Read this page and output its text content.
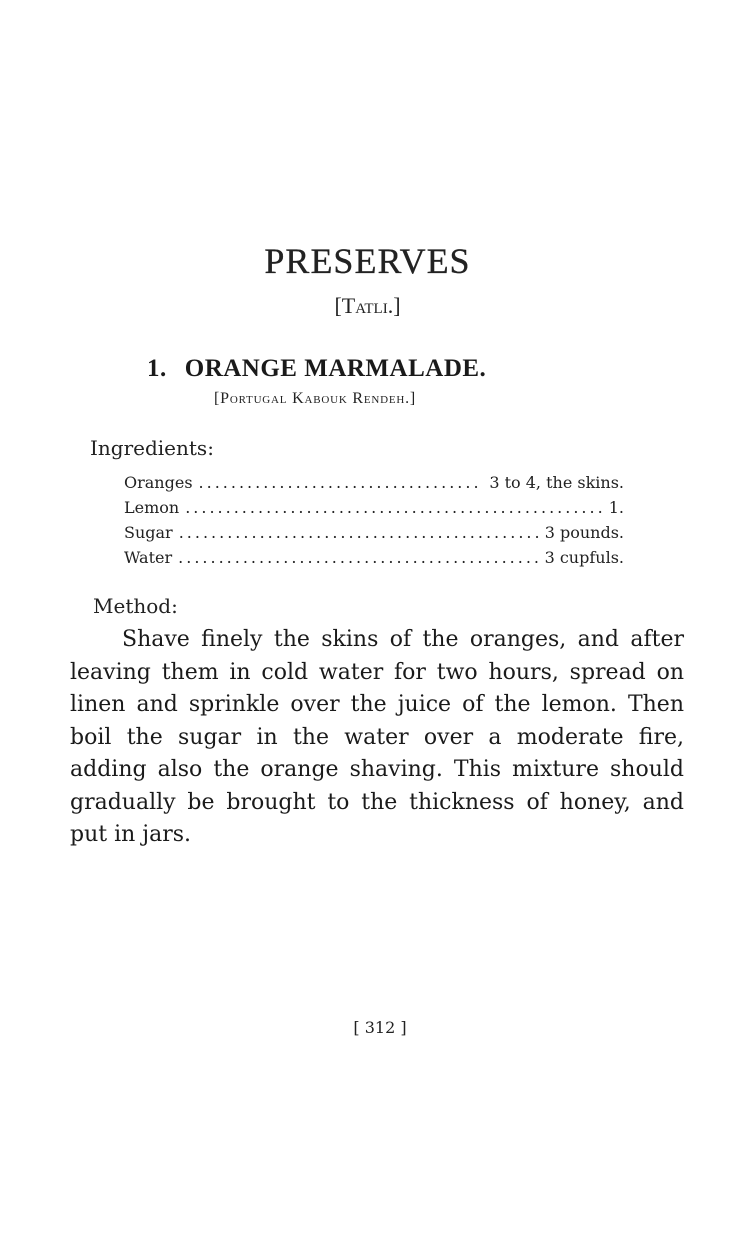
PRESERVES
[Tatli.]
1. ORANGE MARMALADE.
[Portugal Kabouk Rendeh.]
Ingredients:
Oranges .....	3 to 4, the skins.
Lemon .....	1.
Sugar .....	3 pounds.
Water .....	3 cupfuls.
Method:

Shave finely the skins of the oranges, and after leaving them in cold water for two hours, spread on linen and sprinkle over the juice of the lemon. Then boil the sugar in the water over a moderate fire, adding also the orange shaving. This mixture should gradually be brought to the thickness of honey, and put in jars.

[ 312 ]
